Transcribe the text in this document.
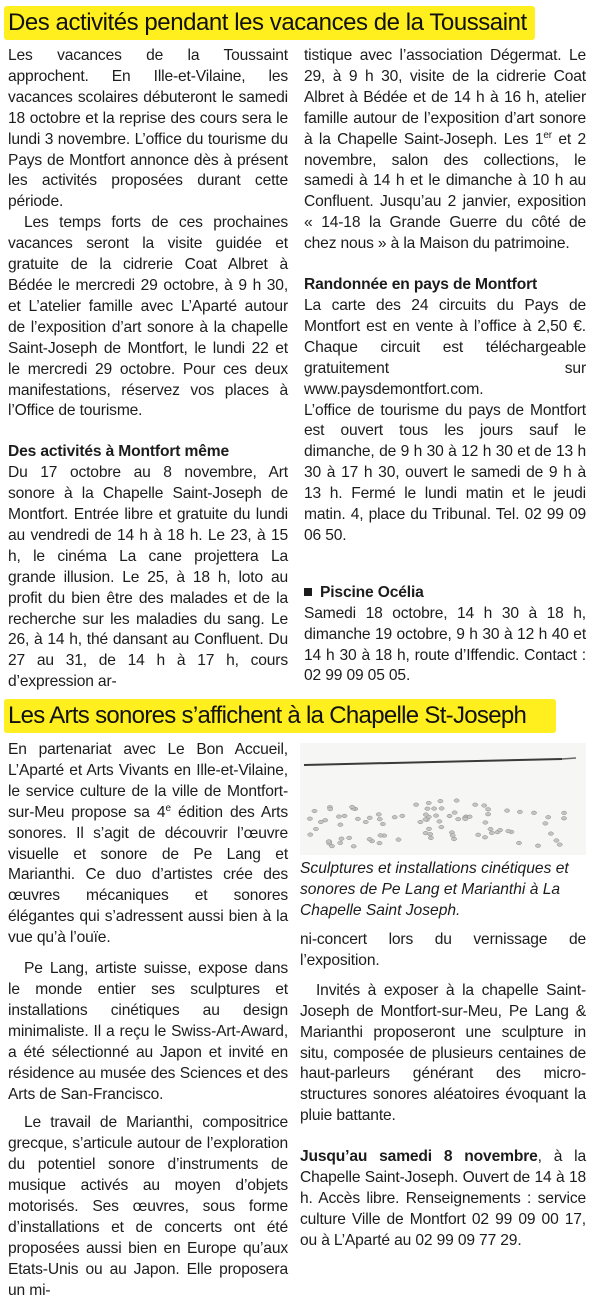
Des activités pendant les vacances de la Toussaint

Les vacances de la Toussaint approchent. En Ille-et-Vilaine, les vacances scolaires débuteront le samedi 18 octobre et la reprise des cours sera le lundi 3 novembre. L’office du tourisme du Pays de Montfort annonce dès à présent les activités proposées durant cette période.

Les temps forts de ces prochaines vacances seront la visite guidée et gratuite de la cidrerie Coat Albret à Bédée le mercredi 29 octobre, à 9 h 30, et L’atelier famille avec L’Aparté autour de l’exposition d’art sonore à la chapelle Saint-Joseph de Montfort, le lundi 22 et le mercredi 29 octobre. Pour ces deux manifestations, réservez vos places à l’Office de tourisme.

Des activités à Montfort même

Du 17 octobre au 8 novembre, Art sonore à la Chapelle Saint-Joseph de Montfort. Entrée libre et gratuite du lundi au vendredi de 14 h à 18 h. Le 23, à 15 h, le cinéma La cane projettera La grande illusion. Le 25, à 18 h, loto au profit du bien être des malades et de la recherche sur les maladies du sang. Le 26, à 14 h, thé dansant au Confluent. Du 27 au 31, de 14 h à 17 h, cours d’expression ar-

tistique avec l’association Dégermat. Le 29, à 9 h 30, visite de la cidrerie Coat Albret à Bédée et de 14 h à 16 h, atelier famille autour de l’exposition d’art sonore à la Chapelle Saint-Joseph. Les 1er et 2 novembre, salon des collections, le samedi à 14 h et le dimanche à 10 h au Confluent. Jusqu’au 2 janvier, exposition « 14-18 la Grande Guerre du côté de chez nous » à la Maison du patrimoine.

Randonnée en pays de Montfort

La carte des 24 circuits du Pays de Montfort est en vente à l’office à 2,50 €. Chaque circuit est téléchargeable gratuitement sur www.paysdemontfort.com.

L’office de tourisme du pays de Montfort est ouvert tous les jours sauf le dimanche, de 9 h 30 à 12 h 30 et de 13 h 30 à 17 h 30, ouvert le samedi de 9 h à 13 h. Fermé le lundi matin et le jeudi matin. 4, place du Tribunal. Tel. 02 99 09 06 50.

Piscine Océlia

Samedi 18 octobre, 14 h 30 à 18 h, dimanche 19 octobre, 9 h 30 à 12 h 40 et 14 h 30 à 18 h, route d’Iffendic. Contact : 02 99 09 05 05.

Les Arts sonores s’affichent à la Chapelle St-Joseph

En partenariat avec Le Bon Accueil, L’Aparté et Arts Vivants en Ille-et-Vilaine, le service culture de la ville de Montfort-sur-Meu propose sa 4e édition des Arts sonores. Il s’agit de découvrir l’œuvre visuelle et sonore de Pe Lang et Marianthi. Ce duo d’artistes crée des œuvres mécaniques et sonores élégantes qui s’adressent aussi bien à la vue qu’à l’ouïe.

Pe Lang, artiste suisse, expose dans le monde entier ses sculptures et installations cinétiques au design minimaliste. Il a reçu le Swiss-Art-Award, a été sélectionné au Japon et invité en résidence au musée des Sciences et des Arts de San-Francisco.

Le travail de Marianthi, compositrice grecque, s’articule autour de l’exploration du potentiel sonore d’instruments de musique activés au moyen d’objets motorisés. Ses œuvres, sous forme d’installations et de concerts ont été proposées aussi bien en Europe qu’aux Etats-Unis ou au Japon. Elle proposera un mi-

Sculptures et installations cinétiques et sonores de Pe Lang et Marianthi à La Chapelle Saint Joseph.

ni-concert lors du vernissage de l’exposition.

Invités à exposer à la chapelle Saint-Joseph de Montfort-sur-Meu, Pe Lang & Marianthi proposeront une sculpture in situ, composée de plusieurs centaines de haut-parleurs générant des micro-structures sonores aléatoires évoquant la pluie battante.

Jusqu’au samedi 8 novembre, à la Chapelle Saint-Joseph. Ouvert de 14 à 18 h. Accès libre. Renseignements : service culture Ville de Montfort 02 99 09 00 17, ou à L’Aparté au 02 99 09 77 29.
